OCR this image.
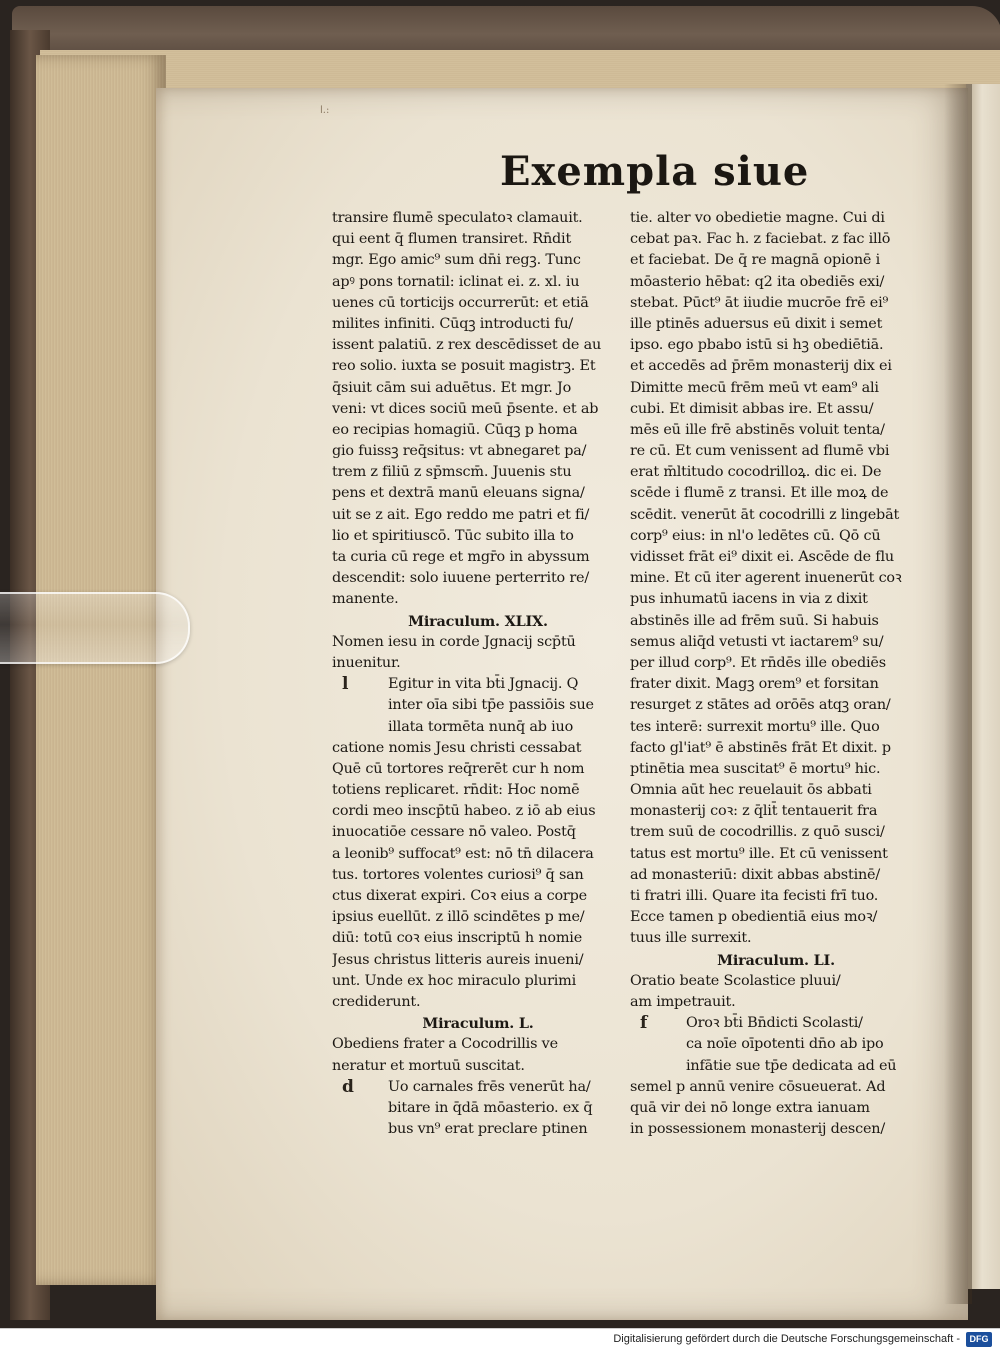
ا.:
Exempla siue
transire flumē speculatoꝛ clamauit.
qui eent q̄ flumen transiret. Rn̄dit
mgr. Ego amic⁹ sum dn̄i regꝫ. Tunc
apꝰ pons tornatil: iclinat ei. z. xl. iu
uenes cū torticijs occurrerūt: et etiā
milites infiniti. Cūqꝫ introducti fu/
issent palatiū. z rex descēdisset de au
reo solio. iuxta se posuit magistrꝫ. Et
q̄siuit cām sui aduētus. Et mgr. Jo
veni: vt dices sociū meū p̄sente. et ab
eo recipias homagiū. Cūqꝫ p homa
gio fuissꝫ req̄situs: vt abnegaret pa/
trem z filiū z sp̄mscm̄. Juuenis stu
pens et dextrā manū eleuans signa/
uit se z ait. Ego reddo me patri et fi/
lio et spiritiuscō. Tūc subito illa to
ta curia cū rege et mgr̄o in abyssum
descendit: solo iuuene perterrito re/
manente.
Miraculum. XLIX.
Nomen iesu in corde Jgnacij scp̄tū
inuenitur.
l	Egitur in vita bt̄i Jgnacij. Q
inter oīa sibi tp̄e passiōis sue
illata tormēta nunq̄ ab iuo
catione nomis Jesu christi cessabat
Quē cū tortores req̄rerēt cur h nom
totiens replicaret. rn̄dit: Hoc nomē
cordi meo inscp̄tū habeo. z iō ab eius
inuocatiōe cessare nō valeo. Postq̄
a leonib⁹ suffocat⁹ est: nō tn̄ dilacera
tus. tortores volentes curiosi⁹ q̄ san
ctus dixerat expiri. Coꝛ eius a corpe
ipsius euellūt. z illō scindētes p me/
diū: totū coꝛ eius inscriptū h nomie
Jesus christus litteris aureis inueni/
unt. Unde ex hoc miraculo plurimi
crediderunt.
Miraculum. L.
Obediens frater a Cocodrillis ve
neratur et mortuū suscitat.
d Uo carnales frēs venerūt ha/
bitare in q̄dā mōasterio. ex q̄
bus vn⁹ erat preclare ptinen
tie. alter vo obedietie magne. Cui di
cebat paꝛ. Fac h. z faciebat. z fac illō
et faciebat. De q̄ re magnā opionē i
mōasterio hēbat: q2 ita obediēs exi/
stebat. Pūct⁹ āt iiudie mucrōe frē ei⁹
ille ptinēs aduersus eū dixit i semet
ipso. ego pbabo istū si hꝫ obediētiā.
et accedēs ad p̄rēm monasterij dix ei
Dimitte mecū frēm meū vt eam⁹ ali
cubi. Et dimisit abbas ire. Et assu/
mēs eū ille frē abstinēs voluit tenta/
re cū. Et cum venissent ad flumē vbi
erat m̄ltitudo cocodrilloꝝ. dic ei. De
scēde i flumē z transi. Et ille moꝝ de
scēdit. venerūt āt cocodrilli z lingebāt
corp⁹ eius: in nl'o ledētes cū. Qō cū
vidisset frāt ei⁹ dixit ei. Ascēde de flu
mine. Et cū iter agerent inuenerūt coꝛ
pus inhumatū iacens in via z dixit
abstinēs ille ad frēm suū. Si habuis
semus aliq̄d vetusti vt iactarem⁹ su/
per illud corp⁹. Et rn̄dēs ille obediēs
frater dixit. Magꝫ orem⁹ et forsitan
resurget z stātes ad orōēs atqꝫ oran/
tes interē: surrexit mortu⁹ ille. Quo
facto gl'iat⁹ ē abstinēs frāt Et dixit. p
ptinētia mea suscitat⁹ ē mortu⁹ hic.
Omnia aūt hec reuelauit ōs abbati
monasterij coꝛ: z q̄lit̄ tentauerit fra
trem suū de cocodrillis. z quō susci/
tatus est mortu⁹ ille. Et cū venissent
ad monasteriū: dixit abbas abstinē/
ti fratri illi. Quare ita fecisti frī tuo.
Ecce tamen p obedientiā eius moꝛ/
tuus ille surrexit.
Miraculum. LI.
Oratio beate Scolastice pluui/
am impetrauit.
f	Oroꝛ bt̄i Bn̄dicti Scolasti/
ca noīe oīpotenti dn̄o ab ipo
infātie sue tp̄e dedicata ad eū
semel p annū venire cōsueuerat. Ad
quā vir dei nō longe extra ianuam
in possessionem monasterij descen/
Digitalisierung gefördert durch die Deutsche Forschungsgemeinschaft -	DFG
